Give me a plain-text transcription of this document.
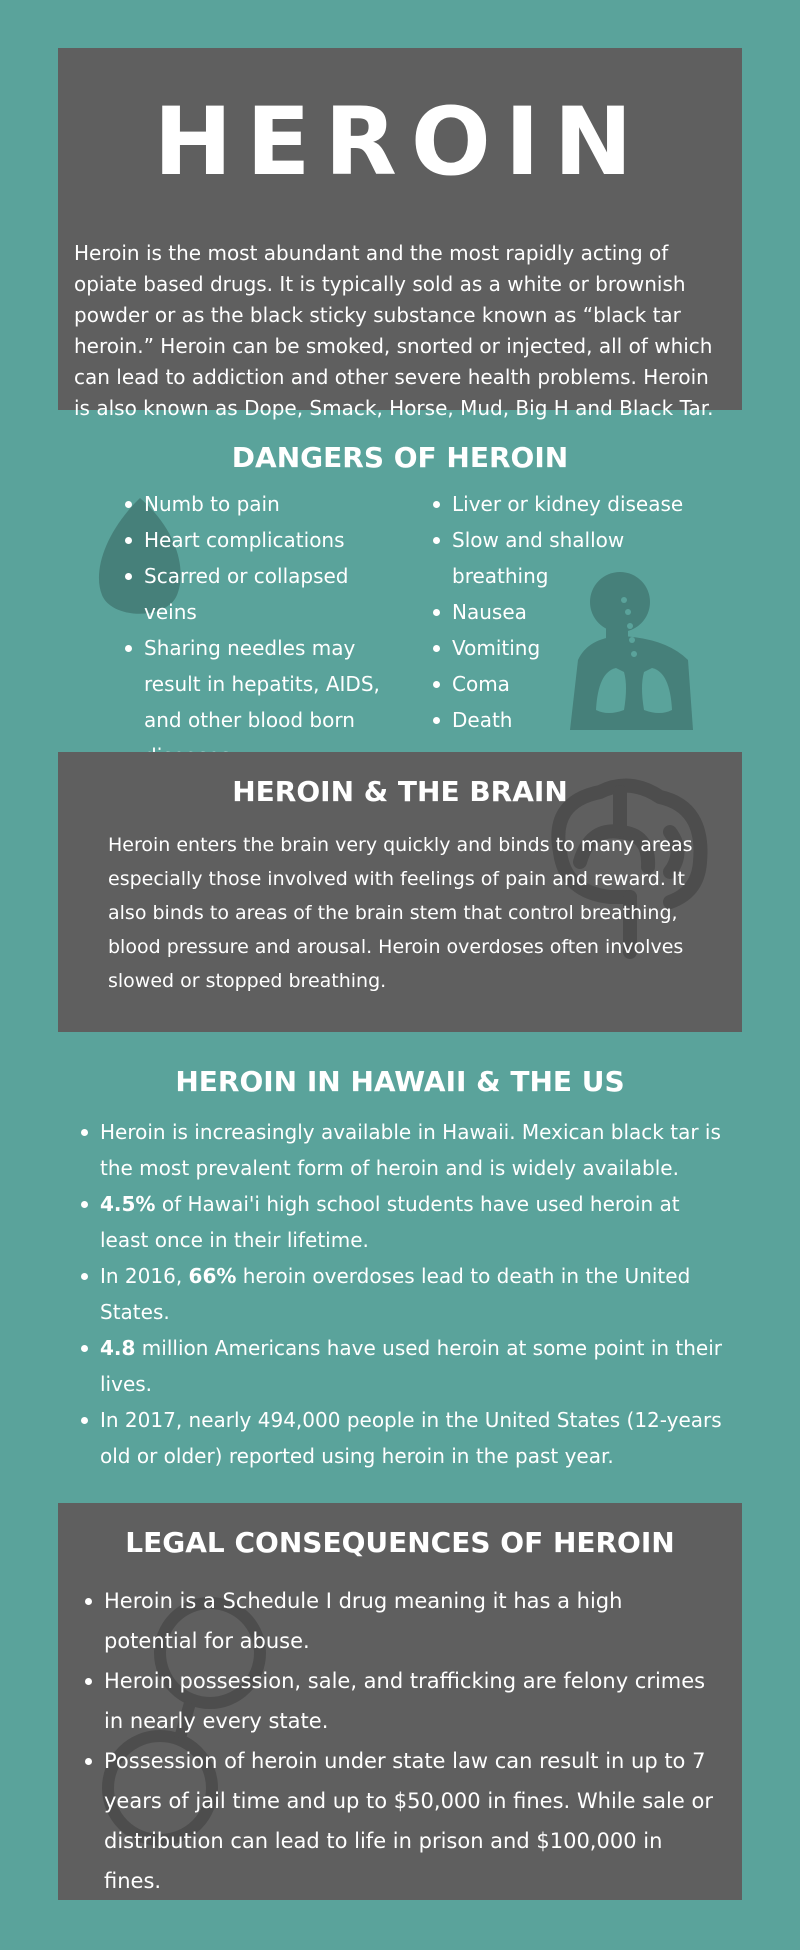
HEROIN

Heroin is the most abundant and the most rapidly acting of opiate based drugs. It is typically sold as a white or brownish powder or as the black sticky substance known as “black tar heroin.” Heroin can be smoked, snorted or injected, all of which can lead to addiction and other severe health problems. Heroin is also known as Dope, Smack, Horse, Mud, Big H and Black Tar.

DANGERS OF HEROIN
Numb to pain
Heart complications
Scarred or collapsed veins
Sharing needles may result in hepatits, AIDS, and other blood born
Liver or kidney disease
Slow and shallow breathing
Nausea
Vomiting
Coma
Death
HEROIN & THE BRAIN

Heroin enters the brain very quickly and binds to many areas especially those involved with feelings of pain and reward. It also binds to areas of the brain stem that control breathing, blood pressure and arousal. Heroin overdoses often involves slowed or stopped breathing.

HEROIN IN HAWAII & THE US
Heroin is increasingly available in Hawaii. Mexican black tar is the most prevalent form of heroin and is widely available.
4.5% of Hawai'i high school students have used heroin at least once in their lifetime.
In 2016, 66% heroin overdoses lead to death in the United States.
4.8 million Americans have used heroin at some point in their lives.
In 2017, nearly 494,000 people in the United States (12-years old or older) reported using heroin in the past year.
LEGAL CONSEQUENCES OF HEROIN
Heroin is a Schedule I drug meaning it has a high potential for abuse.
Heroin possession, sale, and trafficking are felony crimes in nearly every state.
Possession of heroin under state law can result in up to 7 years of jail time and up to $50,000 in fines. While sale or distribution can lead to life in prison and $100,000 in fines.
